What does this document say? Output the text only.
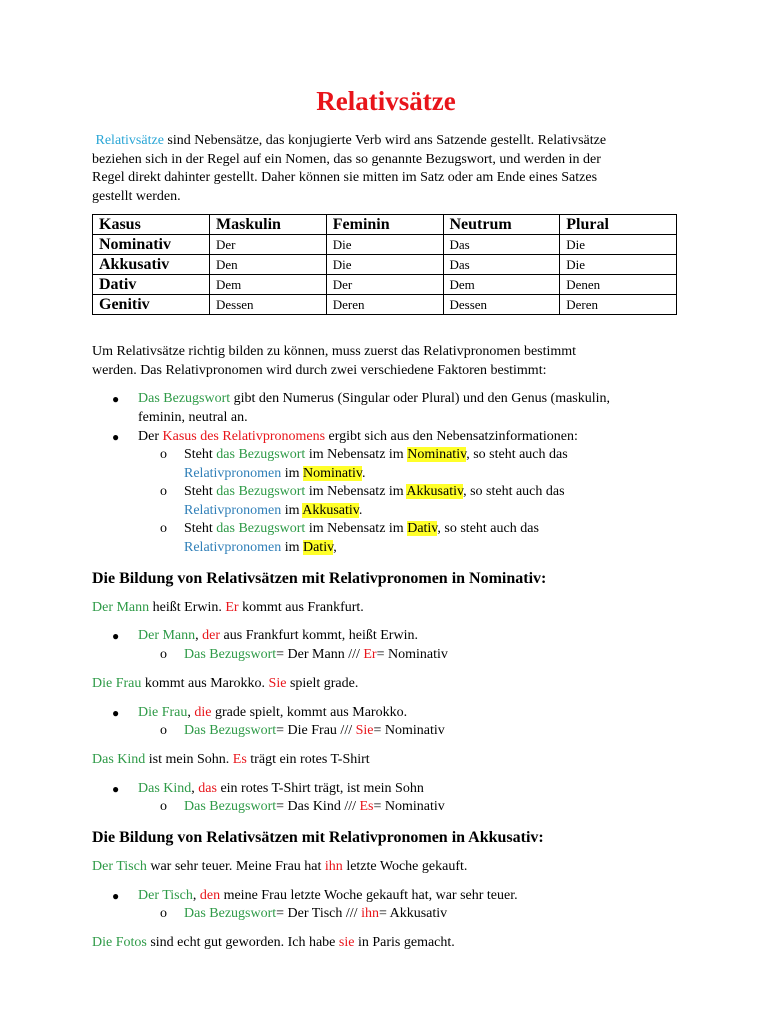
Relativsätze
Relativsätze sind Nebensätze, das konjugierte Verb wird ans Satzende gestellt. Relativsätze
beziehen sich in der Regel auf ein Nomen, das so genannte Bezugswort, und werden in der
Regel direkt dahinter gestellt. Daher können sie mitten im Satz oder am Ende eines Satzes
gestellt werden.
Kasus	Maskulin	Feminin	Neutrum	Plural
Nominativ	Der	Die	Das	Die
Akkusativ	Den	Die	Das	Die
Dativ	Dem	Der	Dem	Denen
Genitiv	Dessen	Deren	Dessen	Deren
Um Relativsätze richtig bilden zu können, muss zuerst das Relativpronomen bestimmt
werden. Das Relativpronomen wird durch zwei verschiedene Faktoren bestimmt:
● Das Bezugswort gibt den Numerus (Singular oder Plural) und den Genus (maskulin,
feminin, neutral an.
● Der Kasus des Relativpronomens ergibt sich aus den Nebensatzinformationen:
o Steht das Bezugswort im Nebensatz im Nominativ, so steht auch das
Relativpronomen im Nominativ.
o Steht das Bezugswort im Nebensatz im Akkusativ, so steht auch das
Relativpronomen im Akkusativ.
o Steht das Bezugswort im Nebensatz im Dativ, so steht auch das
Relativpronomen im Dativ,
Die Bildung von Relativsätzen mit Relativpronomen in Nominativ:
Der Mann heißt Erwin. Er kommt aus Frankfurt.
● Der Mann, der aus Frankfurt kommt, heißt Erwin.
o Das Bezugswort= Der Mann /// Er= Nominativ
Die Frau kommt aus Marokko. Sie spielt grade.
● Die Frau, die grade spielt, kommt aus Marokko.
o Das Bezugswort= Die Frau /// Sie= Nominativ
Das Kind ist mein Sohn. Es trägt ein rotes T-Shirt
● Das Kind, das ein rotes T-Shirt trägt, ist mein Sohn
o Das Bezugswort= Das Kind /// Es= Nominativ
Die Bildung von Relativsätzen mit Relativpronomen in Akkusativ:
Der Tisch war sehr teuer. Meine Frau hat ihn letzte Woche gekauft.
● Der Tisch, den meine Frau letzte Woche gekauft hat, war sehr teuer.
o Das Bezugswort= Der Tisch /// ihn= Akkusativ
Die Fotos sind echt gut geworden. Ich habe sie in Paris gemacht.
